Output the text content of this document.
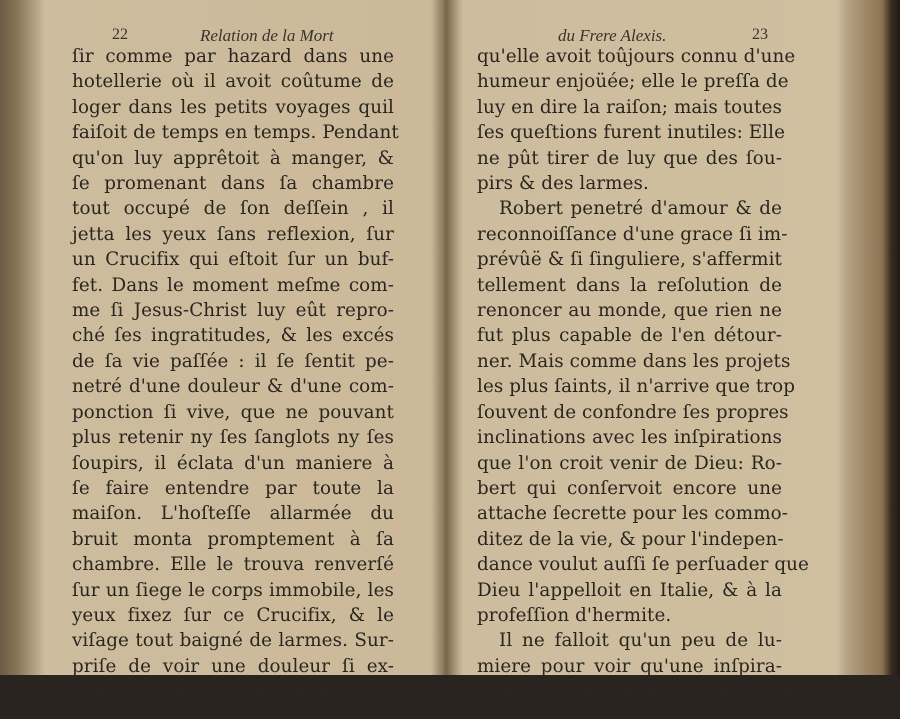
22	Relation de la Mort
ſir comme par hazard dans une
hotellerie où il avoit coûtume de
loger dans les petits voyages quil
faiſoit de temps en temps. Pendant
qu'on luy apprêtoit à manger, &
ſe promenant dans ſa chambre
tout occupé de ſon deſſein , il
jetta les yeux ſans reflexion, ſur
un Crucifix qui eſtoit ſur un buf-
fet. Dans le moment meſme com-
me ſi Jesus-Christ luy eût repro-
ché ſes ingratitudes, & les excés
de ſa vie paſſée : il ſe ſentit pe-
netré d'une douleur & d'une com-
ponction ſi vive, que ne pouvant
plus retenir ny ſes ſanglots ny ſes
ſoupirs, il éclata d'un maniere à
ſe faire entendre par toute la
maiſon. L'hoſteſſe allarmée du
bruit monta promptement à ſa
chambre. Elle le trouva renverſé
ſur un ſiege le corps immobile, les
yeux fixez ſur ce Crucifix, & le
viſage tout baigné de larmes. Sur-
priſe de voir une douleur ſi ex-
ceſſive dans un jeune homme
du Frere Alexis.	23
qu'elle avoit toûjours connu d'une
humeur enjoüée; elle le preſſa de
luy en dire la raiſon; mais toutes
ſes queſtions furent inutiles: Elle
ne pût tirer de luy que des ſou-
pirs & des larmes.
Robert penetré d'amour & de
reconnoiſſance d'une grace ſi im-
prévûë & ſi ſinguliere, s'affermit
tellement dans la reſolution de
renoncer au monde, que rien ne
fut plus capable de l'en détour-
ner. Mais comme dans les projets
les plus ſaints, il n'arrive que trop
ſouvent de confondre ſes propres
inclinations avec les inſpirations
que l'on croit venir de Dieu: Ro-
bert qui conſervoit encore une
attache ſecrette pour les commo-
ditez de la vie, & pour l'indepen-
dance voulut auſſi ſe perſuader que
Dieu l'appelloit en Italie, & à la
profeſſion d'hermite.
Il ne falloit qu'un peu de lu-
miere pour voir qu'une inſpira-
tion ſi étrange pour un jeune hom-
